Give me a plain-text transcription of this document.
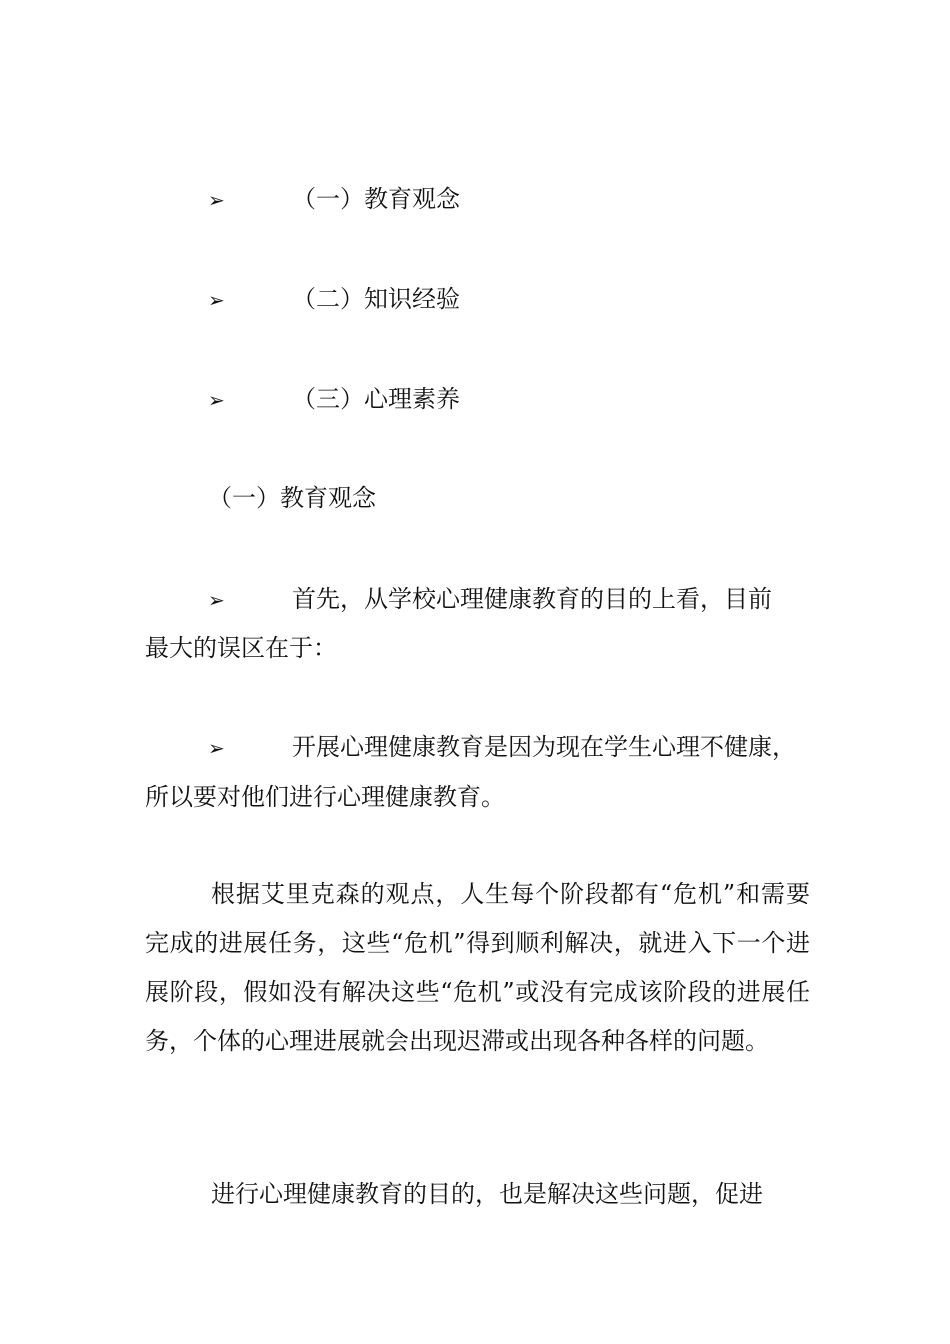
➢	（一）教育观念
➢	（二）知识经验
➢	（三）心理素养
（一）教育观念
➢	首先，从学校心理健康教育的目的上看，目前
最大的误区在于：
➢	开展心理健康教育是因为现在学生心理不健康，
所以要对他们进行心理健康教育。

根据艾里克森的观点，人生每个阶段都有“危机”和需要完成的进展任务，这些“危机”得到顺利解决，就进入下一个进展阶段，假如没有解决这些“危机”或没有完成该阶段的进展任务，个体的心理进展就会出现迟滞或出现各种各样的问题。

进行心理健康教育的目的，也是解决这些问题，促进
